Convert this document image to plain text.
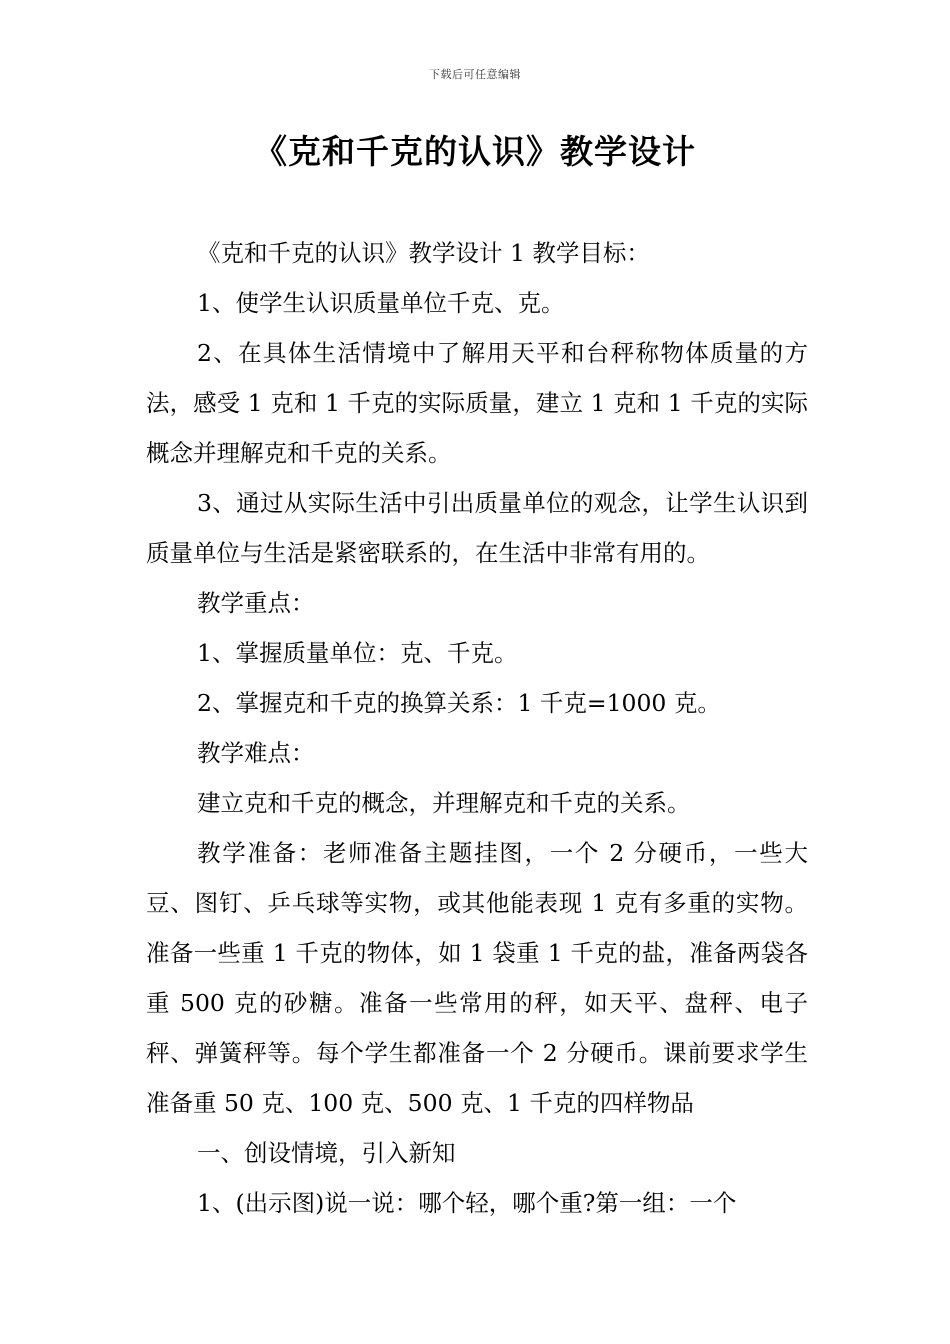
下载后可任意编辑
《克和千克的认识》教学设计

《克和千克的认识》教学设计 1 教学目标：

1、使学生认识质量单位千克、克。

2、在具体生活情境中了解用天平和台秤称物体质量的方法，感受 1 克和 1 千克的实际质量，建立 1 克和 1 千克的实际概念并理解克和千克的关系。

3、通过从实际生活中引出质量单位的观念，让学生认识到质量单位与生活是紧密联系的，在生活中非常有用的。

教学重点：

1、掌握质量单位：克、千克。

2、掌握克和千克的换算关系：1 千克=1000 克。

教学难点：

建立克和千克的概念，并理解克和千克的关系。

教学准备：老师准备主题挂图，一个 2 分硬币，一些大豆、图钉、乒乓球等实物，或其他能表现 1 克有多重的实物。准备一些重 1 千克的物体，如 1 袋重 1 千克的盐，准备两袋各重 500 克的砂糖。准备一些常用的秤，如天平、盘秤、电子秤、弹簧秤等。每个学生都准备一个 2 分硬币。课前要求学生准备重 50 克、100 克、500 克、1 千克的四样物品

一、创设情境，引入新知

1、(出示图)说一说：哪个轻，哪个重?第一组：一个
